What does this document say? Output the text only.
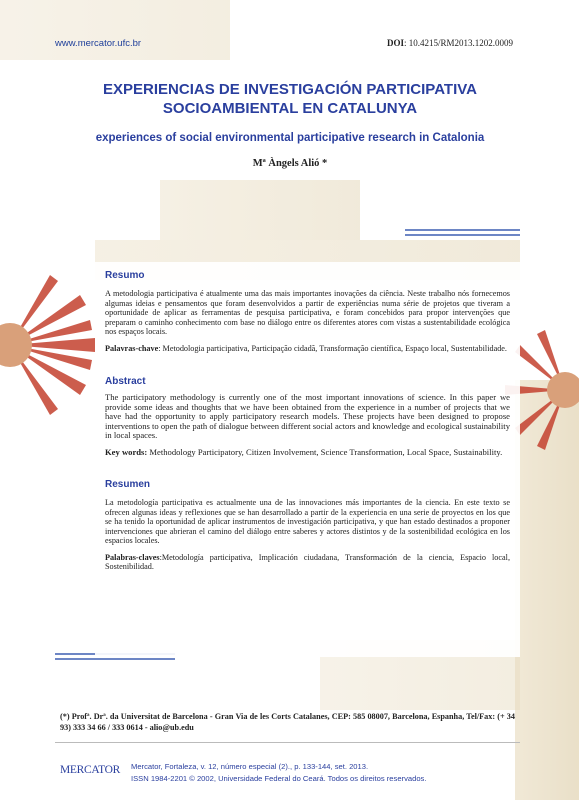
www.mercator.ufc.br	DOI: 10.4215/RM2013.1202.0009
EXPERIENCIAS DE INVESTIGACIÓN PARTICIPATIVA
SOCIOAMBIENTAL EN CATALUNYA
experiences of social environmental participative research in Catalonia
Mª Àngels Alió *
Resumo
A metodologia participativa é atualmente uma das mais importantes inovações da ciência. Neste trabalho nós fornecemos algumas ideias e pensamentos que foram desenvolvidos a partir de experiências numa série de projetos que tiveram a oportunidade de aplicar as ferramentas de pesquisa participativa, e foram concebidos para propor intervenções que preparam o caminho conhecimento com base no diálogo entre os diferentes atores com vistas a sustentabilidade ecológica nos espaços locais.
Palavras-chave: Metodologia participativa, Participação cidadã, Transformação científica, Espaço local, Sustentabilidade.
Abstract
The participatory methodology is currently one of the most important innovations of science. In this paper we provide some ideas and thoughts that we have been obtained from the experience in a number of projects that we have had the opportunity to apply participatory research models. These projects have been designed to propose interventions to open the path of dialogue between different social actors and knowledge and ecological sustainability in local spaces.
Key words: Methodology Participatory, Citizen Involvement, Science Transformation, Local Space, Sustainability.
Resumen
La metodología participativa es actualmente una de las innovaciones más importantes de la ciencia. En este texto se ofrecen algunas ideas y reflexiones que se han desarrollado a partir de la experiencia en una serie de proyectos en los que se ha tenido la oportunidad de aplicar instrumentos de investigación participativa, y que han estado destinados a proponer intervenciones que abrieran el camino del diálogo entre saberes y actores distintos y de la sostenibilidad ecológica en los espacios locales.
Palabras-claves:Metodología participativa, Implicación ciudadana, Transformación de la ciencia, Espacio local, Sostenibilidad.
(*) Profª. Drª. da Universitat de Barcelona - Gran Via de les Corts Catalanes, CEP: 585 08007, Barcelona, Espanha, Tel/Fax: (+ 34 93) 333 34 66 / 333 0614 - alio@ub.edu
MERCATOR Mercator, Fortaleza, v. 12, número especial (2)., p. 133-144, set. 2013.
ISSN 1984-2201 © 2002, Universidade Federal do Ceará. Todos os direitos reservados.
